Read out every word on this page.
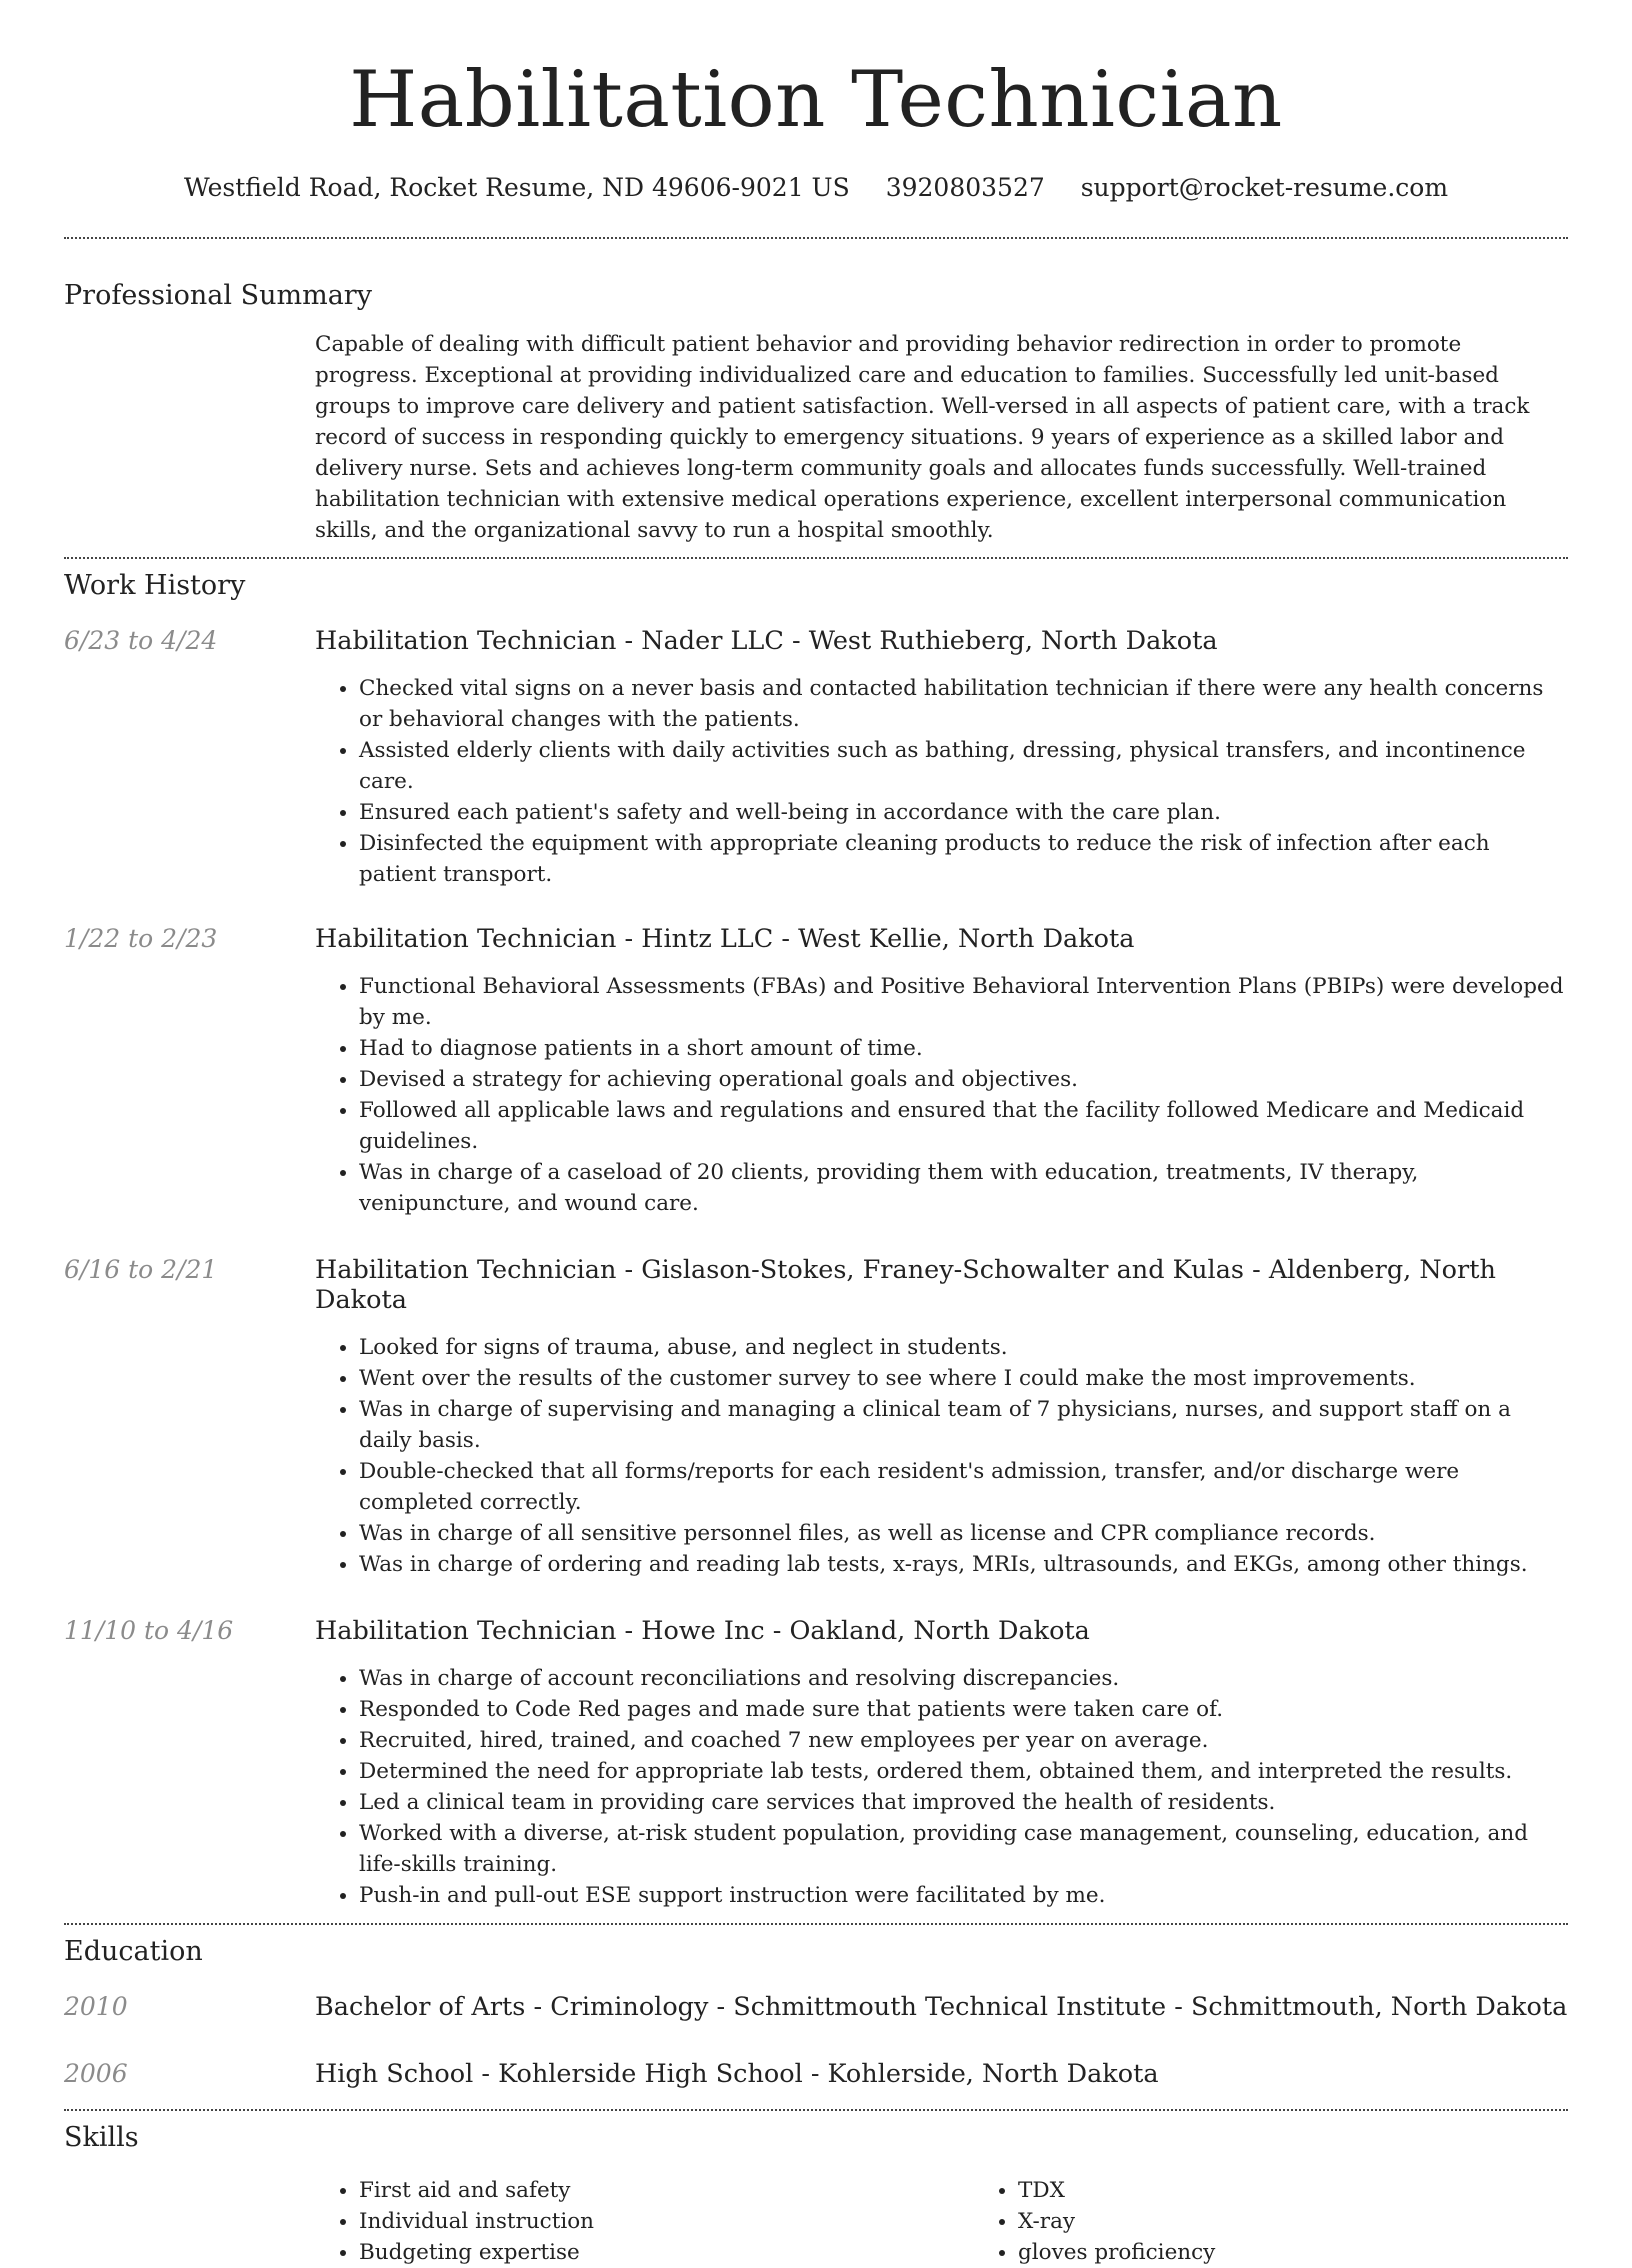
Habilitation Technician
Westfield Road, Rocket Resume, ND 49606-9021 US 3920803527 support@rocket-resume.com
Professional Summary
Capable of dealing with difficult patient behavior and providing behavior redirection in order to promote progress. Exceptional at providing individualized care and education to families. Successfully led unit-based groups to improve care delivery and patient satisfaction. Well-versed in all aspects of patient care, with a track record of success in responding quickly to emergency situations. 9 years of experience as a skilled labor and delivery nurse. Sets and achieves long-term community goals and allocates funds successfully. Well-trained habilitation technician with extensive medical operations experience, excellent interpersonal communication skills, and the organizational savvy to run a hospital smoothly.
Work History
6/23 to 4/24	Habilitation Technician - Nader LLC - West Ruthieberg, North Dakota
• Checked vital signs on a never basis and contacted habilitation technician if there were any health concerns or behavioral changes with the patients.
• Assisted elderly clients with daily activities such as bathing, dressing, physical transfers, and incontinence care.
• Ensured each patient's safety and well-being in accordance with the care plan.
• Disinfected the equipment with appropriate cleaning products to reduce the risk of infection after each patient transport.
1/22 to 2/23	Habilitation Technician - Hintz LLC - West Kellie, North Dakota
• Functional Behavioral Assessments (FBAs) and Positive Behavioral Intervention Plans (PBIPs) were developed by me.
• Had to diagnose patients in a short amount of time.
• Devised a strategy for achieving operational goals and objectives.
• Followed all applicable laws and regulations and ensured that the facility followed Medicare and Medicaid guidelines.
• Was in charge of a caseload of 20 clients, providing them with education, treatments, IV therapy, venipuncture, and wound care.
6/16 to 2/21	Habilitation Technician - Gislason-Stokes, Franey-Schowalter and Kulas - Aldenberg, North Dakota
• Looked for signs of trauma, abuse, and neglect in students.
• Went over the results of the customer survey to see where I could make the most improvements.
• Was in charge of supervising and managing a clinical team of 7 physicians, nurses, and support staff on a daily basis.
• Double-checked that all forms/reports for each resident's admission, transfer, and/or discharge were completed correctly.
• Was in charge of all sensitive personnel files, as well as license and CPR compliance records.
• Was in charge of ordering and reading lab tests, x-rays, MRIs, ultrasounds, and EKGs, among other things.
11/10 to 4/16	Habilitation Technician - Howe Inc - Oakland, North Dakota
• Was in charge of account reconciliations and resolving discrepancies.
• Responded to Code Red pages and made sure that patients were taken care of.
• Recruited, hired, trained, and coached 7 new employees per year on average.
• Determined the need for appropriate lab tests, ordered them, obtained them, and interpreted the results.
• Led a clinical team in providing care services that improved the health of residents.
• Worked with a diverse, at-risk student population, providing case management, counseling, education, and life-skills training.
• Push-in and pull-out ESE support instruction were facilitated by me.
Education
2010	Bachelor of Arts - Criminology - Schmittmouth Technical Institute - Schmittmouth, North Dakota
2006	High School - Kohlerside High School - Kohlerside, North Dakota
Skills
• First aid and safety
• Individual instruction
• Budgeting expertise
• TDX
• X-ray
• gloves proficiency
